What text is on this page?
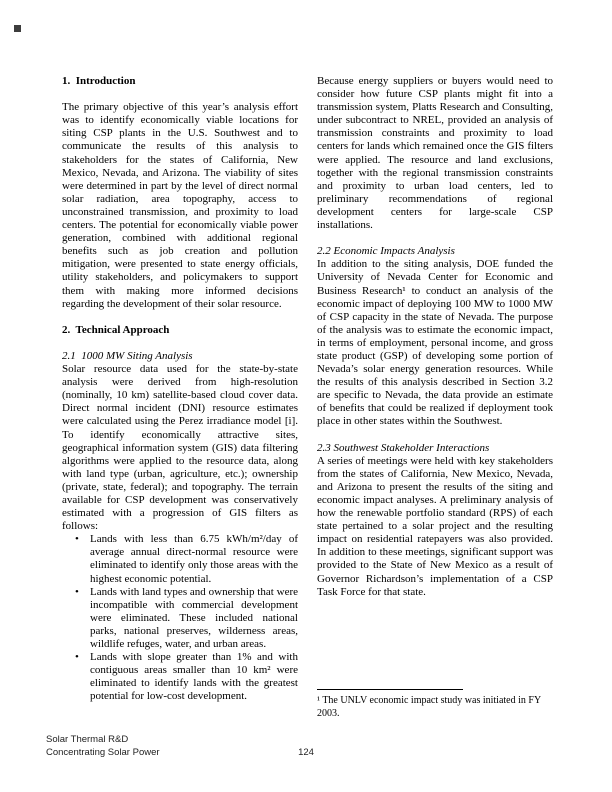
1.  Introduction

The primary objective of this year’s analysis effort was to identify economically viable locations for siting CSP plants in the U.S. Southwest and to communicate the results of this analysis to stakeholders for the states of California, New Mexico, Nevada, and Arizona. The viability of sites were determined in part by the level of direct normal solar radiation, area topography, access to unconstrained transmission, and proximity to load centers. The potential for economically viable power generation, combined with additional regional benefits such as job creation and pollution mitigation, were presented to state energy officials, utility stakeholders, and policymakers to support them with making more informed decisions regarding the development of their solar resource.

2.  Technical Approach
2.1  1000 MW Siting Analysis

Solar resource data used for the state-by-state analysis were derived from high-resolution (nominally, 10 km) satellite-based cloud cover data. Direct normal incident (DNI) resource estimates were calculated using the Perez irradiance model [i]. To identify economically attractive sites, geographical information system (GIS) data filtering algorithms were applied to the resource data, along with land type (urban, agriculture, etc.); ownership (private, state, federal); and topography. The terrain available for CSP development was conservatively estimated with a progression of GIS filters as follows:

• Lands with less than 6.75 kWh/m²/day of average annual direct-normal resource were eliminated to identify only those areas with the highest economic potential.
• Lands with land types and ownership that were incompatible with commercial development were eliminated. These included national parks, national preserves, wilderness areas, wildlife refuges, water, and urban areas.
• Lands with slope greater than 1% and with contiguous areas smaller than 10 km² were eliminated to identify lands with the greatest potential for low-cost development.

Because energy suppliers or buyers would need to consider how future CSP plants might fit into a transmission system, Platts Research and Consulting, under subcontract to NREL, provided an analysis of transmission constraints and proximity to load centers for lands which remained once the GIS filters were applied. The resource and land exclusions, together with the regional transmission constraints and proximity to urban load centers, led to preliminary recommendations of regional development centers for large-scale CSP installations.

2.2 Economic Impacts Analysis

In addition to the siting analysis, DOE funded the University of Nevada Center for Economic and Business Research¹ to conduct an analysis of the economic impact of deploying 100 MW to 1000 MW of CSP capacity in the state of Nevada. The purpose of the analysis was to estimate the economic impact, in terms of employment, personal income, and gross state product (GSP) of developing some portion of Nevada’s solar energy generation resources. While the results of this analysis described in Section 3.2 are specific to Nevada, the data provide an estimate of benefits that could be realized if deployment took place in other states within the Southwest.

2.3 Southwest Stakeholder Interactions

A series of meetings were held with key stakeholders from the states of California, New Mexico, Nevada, and Arizona to present the results of the siting and economic impact analyses. A preliminary analysis of how the renewable portfolio standard (RPS) of each state pertained to a solar project and the resulting impact on residential ratepayers was also provided. In addition to these meetings, significant support was provided to the State of New Mexico as a result of Governor Richardson’s implementation of a CSP Task Force for that state.

¹ The UNLV economic impact study was initiated in FY 2003.
Solar Thermal R&D
Concentrating Solar Power	124
